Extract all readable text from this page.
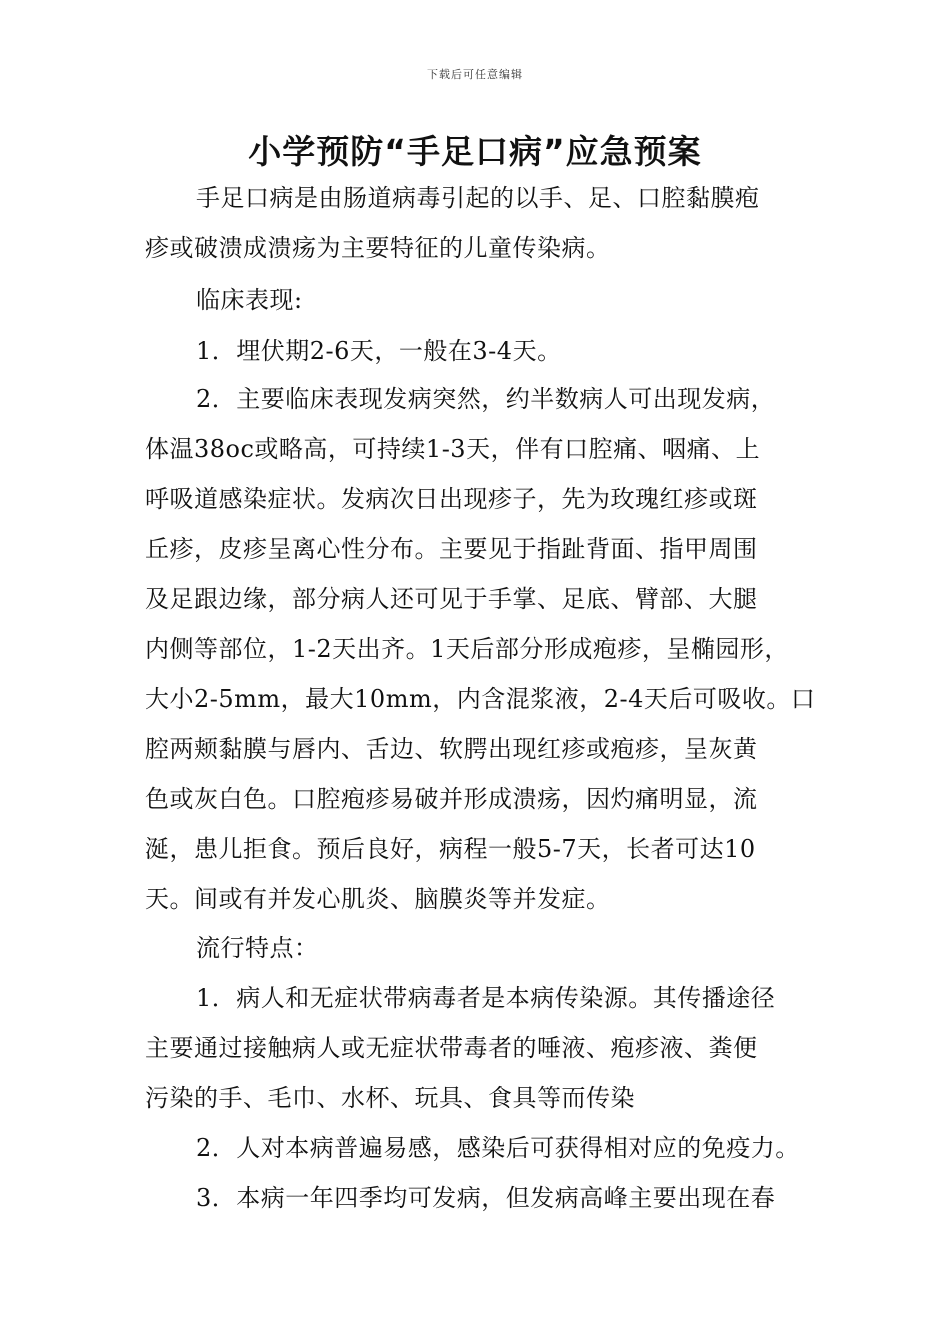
下载后可任意编辑
小学预防“手足口病”应急预案
手足口病是由肠道病毒引起的以手、足、口腔黏膜疱
疹或破溃成溃疡为主要特征的儿童传染病。
临床表现:
1．埋伏期2-6天，一般在3-4天。
2．主要临床表现发病突然，约半数病人可出现发病，
体温38oc或略高，可持续1-3天，伴有口腔痛、咽痛、上
呼吸道感染症状。发病次日出现疹子，先为玫瑰红疹或斑
丘疹，皮疹呈离心性分布。主要见于指趾背面、指甲周围
及足跟边缘，部分病人还可见于手掌、足底、臂部、大腿
内侧等部位，1-2天出齐。1天后部分形成疱疹，呈椭园形，
大小2-5mm，最大10mm，内含混浆液，2-4天后可吸收。口
腔两颊黏膜与唇内、舌边、软腭出现红疹或疱疹，呈灰黄
色或灰白色。口腔疱疹易破并形成溃疡，因灼痛明显，流
涎，患儿拒食。预后良好，病程一般5-7天，长者可达10
天。间或有并发心肌炎、脑膜炎等并发症。
流行特点：
1．病人和无症状带病毒者是本病传染源。其传播途径
主要通过接触病人或无症状带毒者的唾液、疱疹液、粪便
污染的手、毛巾、水杯、玩具、食具等而传染
2．人对本病普遍易感，感染后可获得相对应的免疫力。
3．本病一年四季均可发病，但发病高峰主要出现在春
